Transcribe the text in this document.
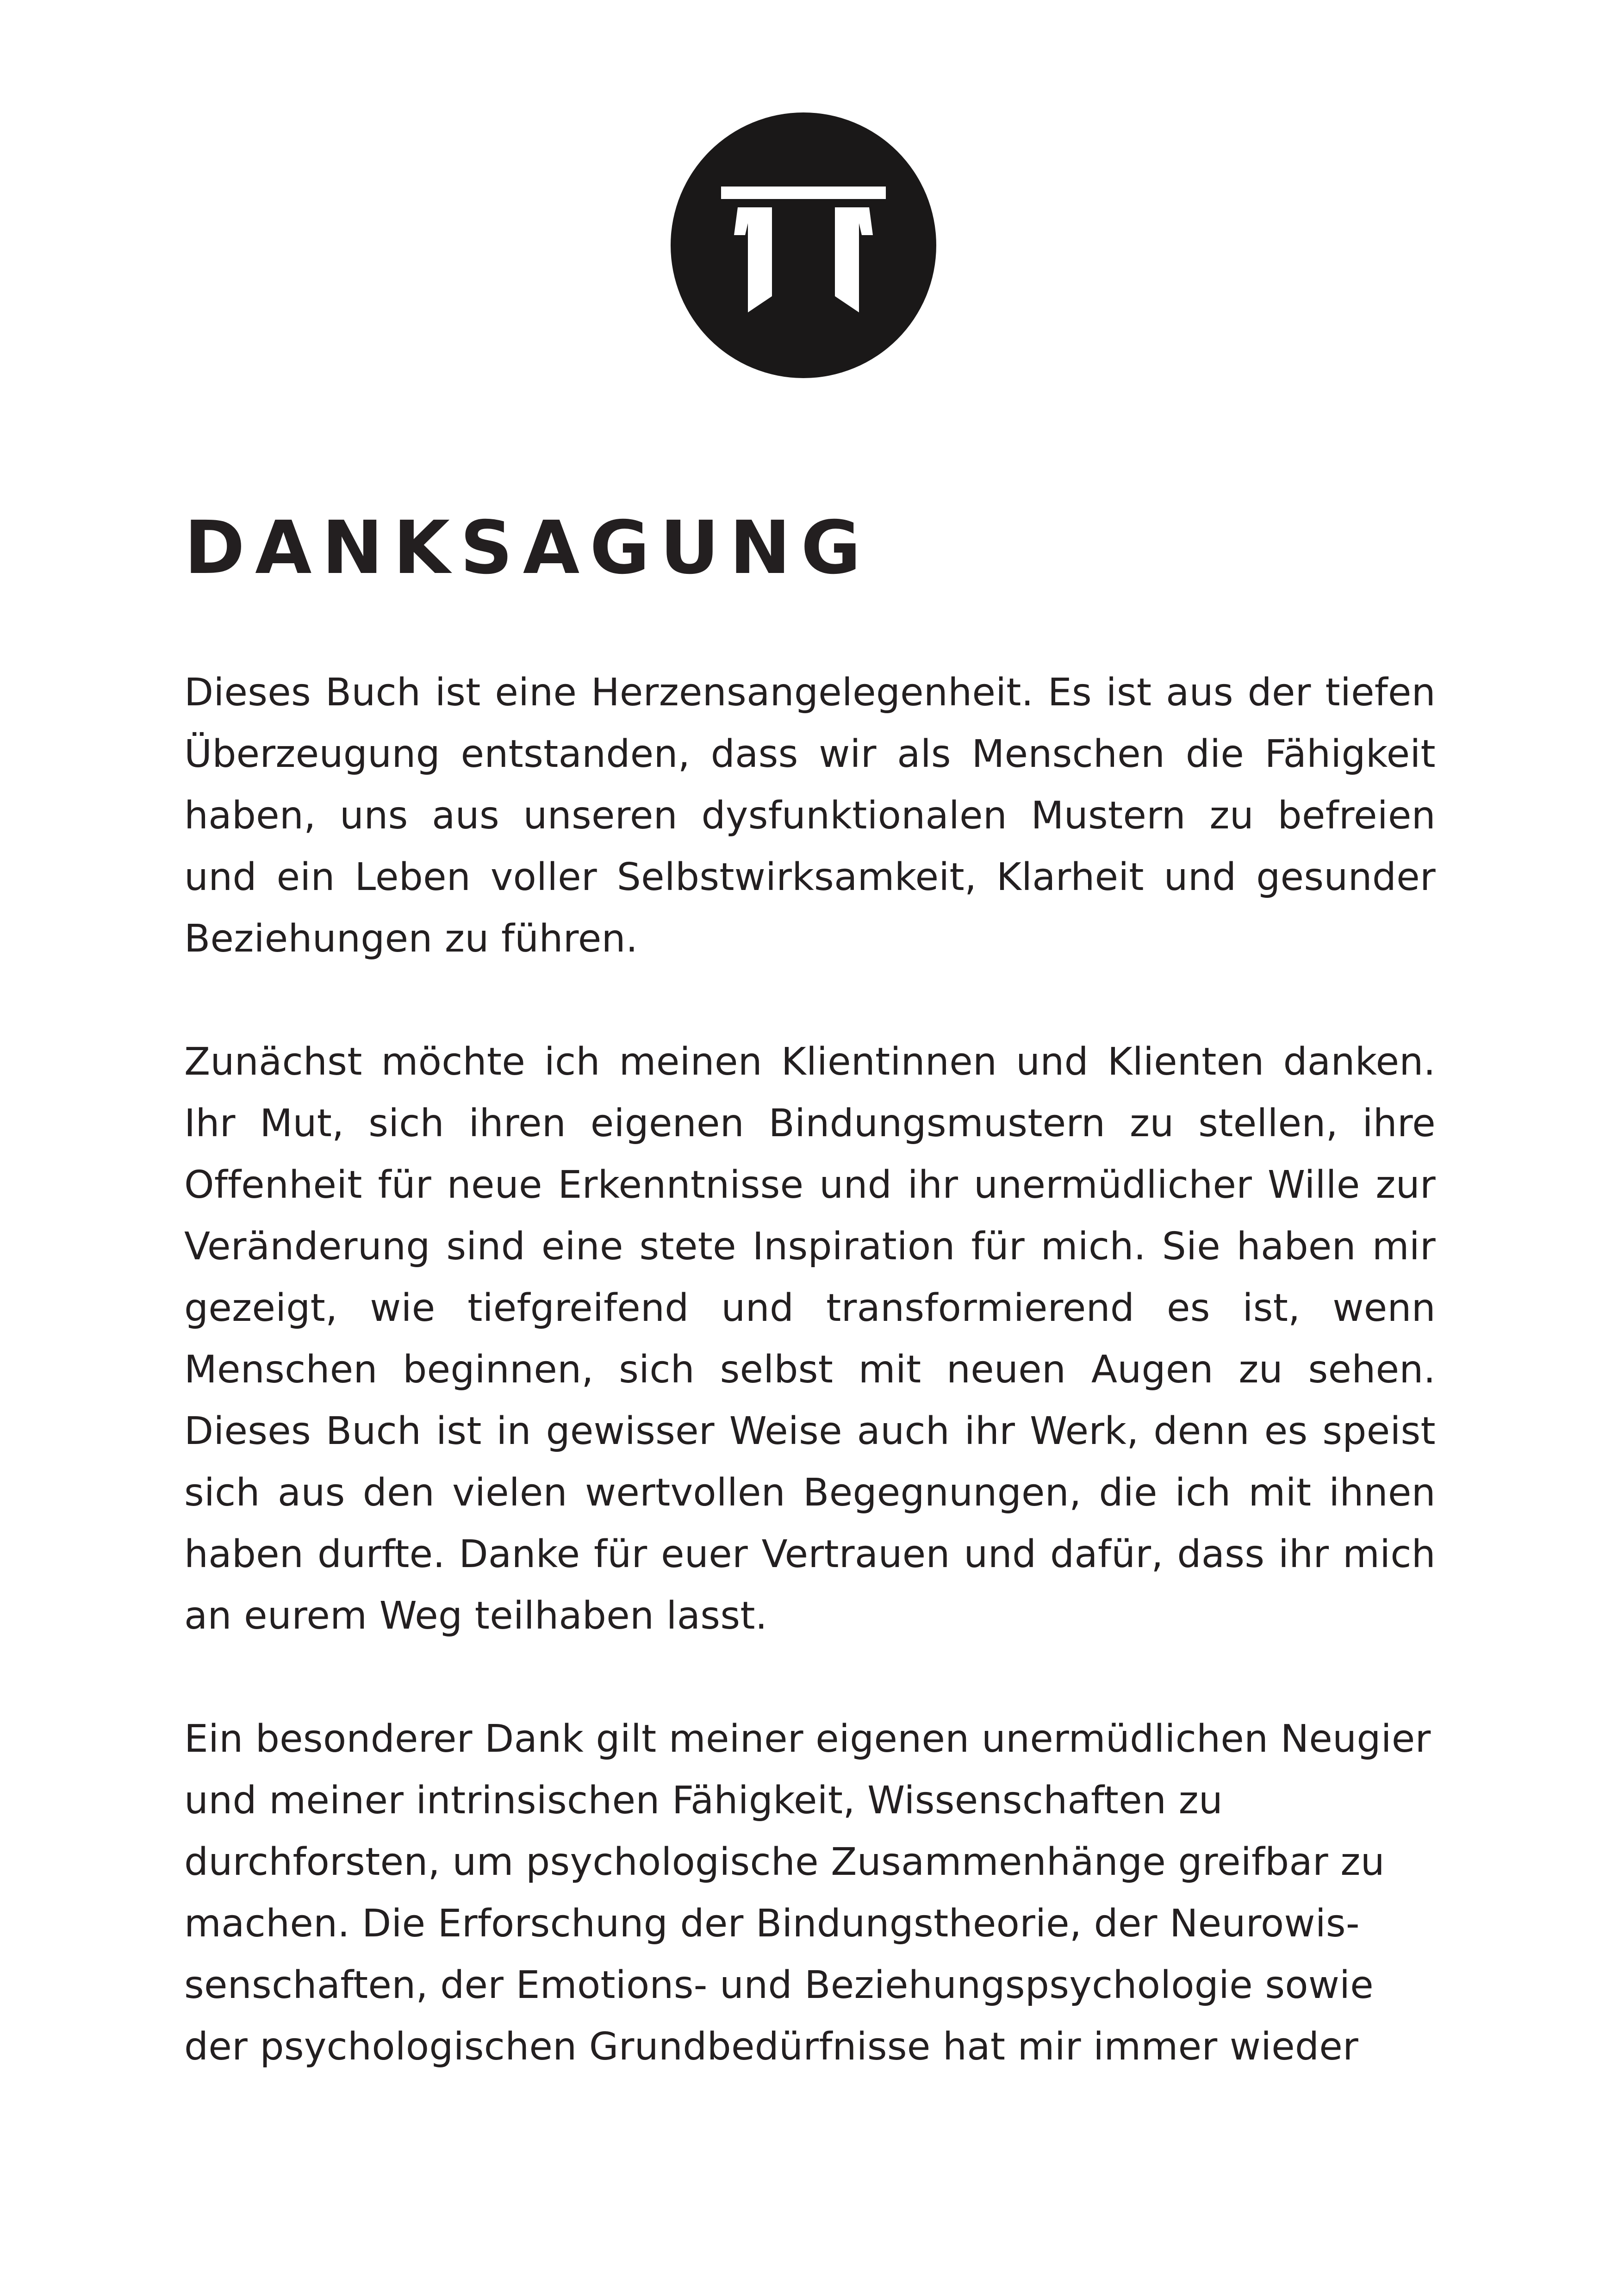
DANKSAGUNG

Dieses Buch ist eine Herzensangelegenheit. Es ist aus der tiefen Überzeugung entstanden, dass wir als Menschen die Fähigkeit haben, uns aus unseren dysfunktionalen Mustern zu befreien und ein Leben voller Selbstwirksamkeit, Klarheit und gesunder Beziehungen zu führen.

Zunächst möchte ich meinen Klientinnen und Klienten danken. Ihr Mut, sich ihren eigenen Bindungsmustern zu stellen, ihre Offenheit für neue Erkenntnisse und ihr unermüdlicher Wille zur Veränderung sind eine stete Inspiration für mich. Sie haben mir gezeigt, wie tiefgreifend und transformierend es ist, wenn Menschen beginnen, sich selbst mit neuen Augen zu sehen. Dieses Buch ist in gewisser Weise auch ihr Werk, denn es speist sich aus den vielen wertvollen Begegnungen, die ich mit ihnen haben durfte. Danke für euer Vertrauen und dafür, dass ihr mich an eurem Weg teilhaben lasst.

Ein besonderer Dank gilt meiner eigenen unermüdlichen Neugier und meiner intrinsischen Fähigkeit, Wissenschaften zu durchforsten, um psychologische Zusammenhänge greifbar zu machen. Die Erforschung der Bindungstheorie, der Neurowissenschaften, der Emotions- und Beziehungspsychologie sowie der psychologischen Grundbedürfnisse hat mir immer wieder
